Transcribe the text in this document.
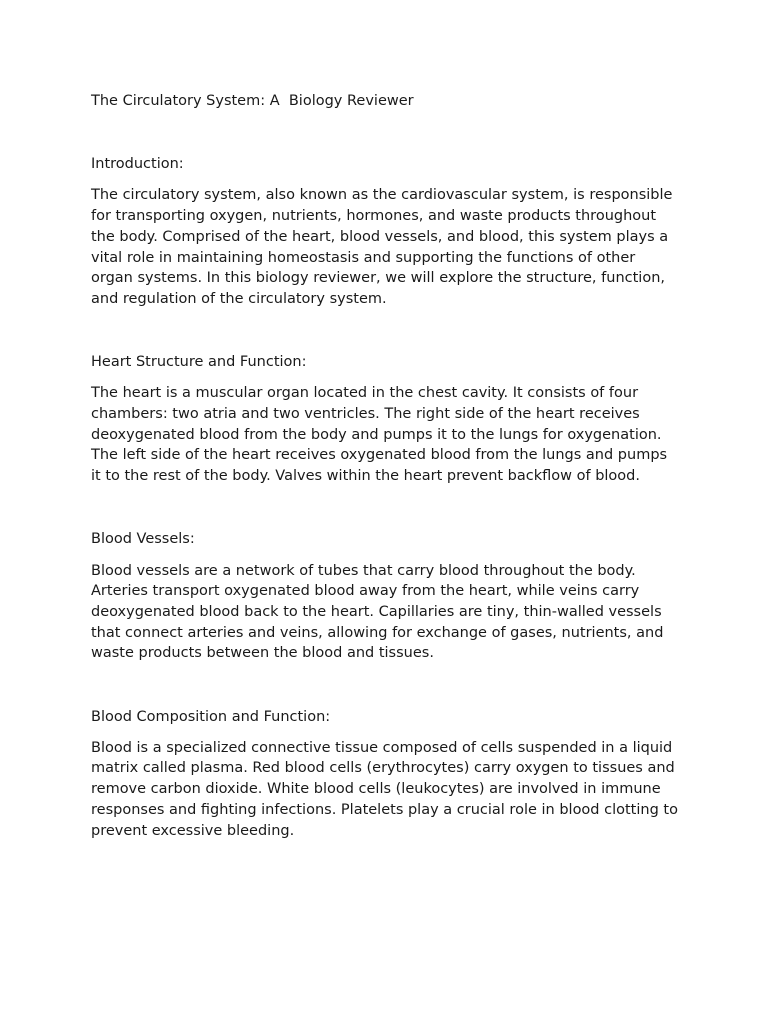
The Circulatory System: A  Biology Reviewer
Introduction:

The circulatory system, also known as the cardiovascular system, is responsible for transporting oxygen, nutrients, hormones, and waste products throughout the body. Comprised of the heart, blood vessels, and blood, this system plays a vital role in maintaining homeostasis and supporting the functions of other organ systems. In this biology reviewer, we will explore the structure, function, and regulation of the circulatory system.

Heart Structure and Function:

The heart is a muscular organ located in the chest cavity. It consists of four chambers: two atria and two ventricles. The right side of the heart receives deoxygenated blood from the body and pumps it to the lungs for oxygenation. The left side of the heart receives oxygenated blood from the lungs and pumps it to the rest of the body. Valves within the heart prevent backflow of blood.

Blood Vessels:

Blood vessels are a network of tubes that carry blood throughout the body. Arteries transport oxygenated blood away from the heart, while veins carry deoxygenated blood back to the heart. Capillaries are tiny, thin-walled vessels that connect arteries and veins, allowing for exchange of gases, nutrients, and waste products between the blood and tissues.

Blood Composition and Function:

Blood is a specialized connective tissue composed of cells suspended in a liquid matrix called plasma. Red blood cells (erythrocytes) carry oxygen to tissues and remove carbon dioxide. White blood cells (leukocytes) are involved in immune responses and fighting infections. Platelets play a crucial role in blood clotting to prevent excessive bleeding.
